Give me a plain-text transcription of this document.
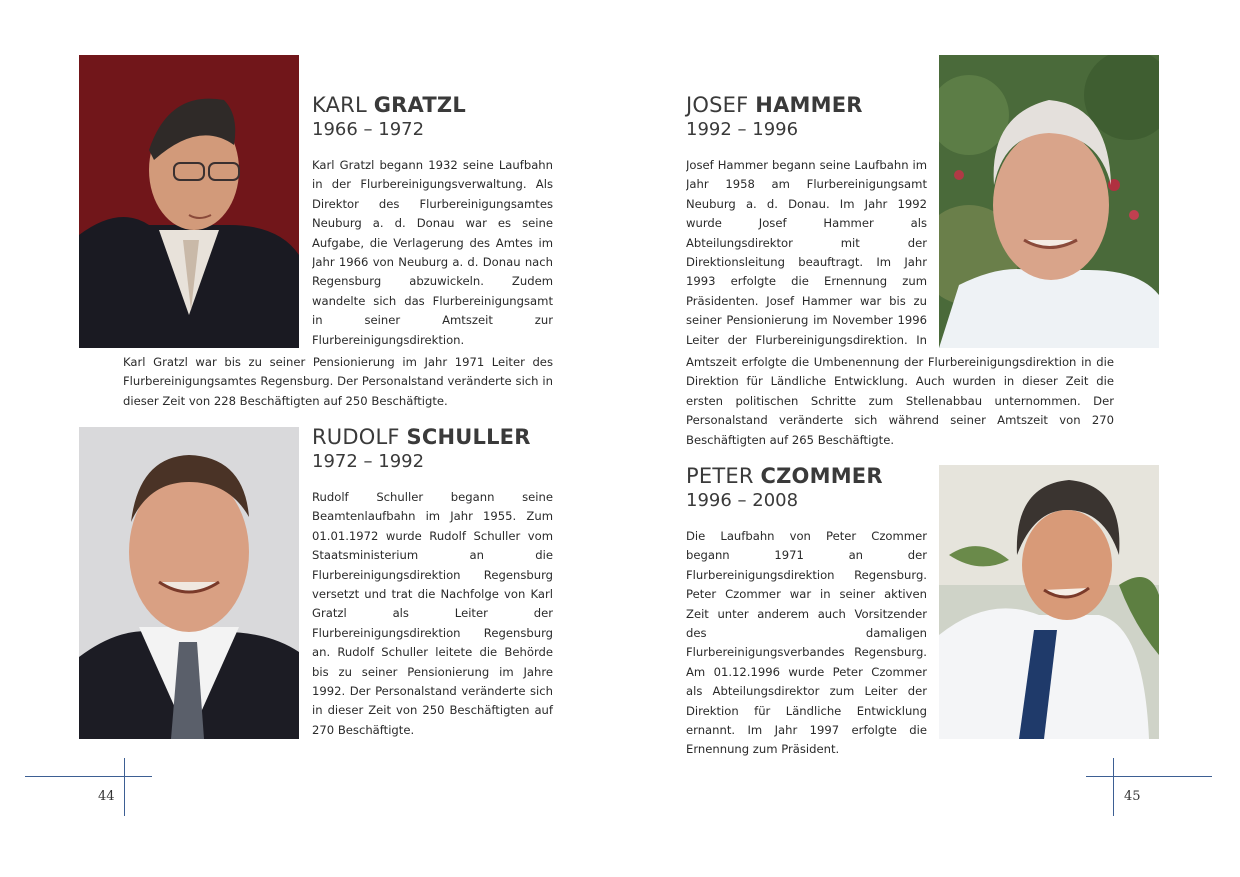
KARL GRATZL
1966 – 1972

Karl Gratzl begann 1932 seine Laufbahn in der Flurbereinigungsverwaltung. Als Direktor des Flurbereinigungsamtes Neuburg a. d. Donau war es seine Aufgabe, die Verlagerung des Amtes im Jahr 1966 von Neuburg a. d. Donau nach Regensburg abzuwickeln. Zudem wandelte sich das Flurbereinigungsamt in seiner Amtszeit zur Flurbereinigungsdirektion.

Karl Gratzl war bis zu seiner Pensionierung im Jahr 1971 Leiter des Flurbereinigungsamtes Regensburg. Der Personalstand veränderte sich in dieser Zeit von 228 Beschäftigten auf 250 Beschäftigte.

RUDOLF SCHULLER
1972 – 1992

Rudolf Schuller begann seine Beamtenlaufbahn im Jahr 1955. Zum 01.01.1972 wurde Rudolf Schuller vom Staatsministerium an die Flurbereinigungsdirektion Regensburg versetzt und trat die Nachfolge von Karl Gratzl als Leiter der Flurbereinigungsdirektion Regensburg an. Rudolf Schuller leitete die Behörde bis zu seiner Pensionierung im Jahre 1992. Der Personalstand veränderte sich in dieser Zeit von 250 Beschäftigten auf 270 Beschäftigte.

JOSEF HAMMER
1992 – 1996

Josef Hammer begann seine Laufbahn im Jahr 1958 am Flurbereinigungsamt Neuburg a. d. Donau. Im Jahr 1992 wurde Josef Hammer als Abteilungsdirektor mit der Direktionsleitung beauftragt. Im Jahr 1993 erfolgte die Ernennung zum Präsidenten. Josef Hammer war bis zu seiner Pensionierung im November 1996 Leiter der Flurbereinigungsdirektion. In

Amtszeit erfolgte die Umbenennung der Flurbereinigungsdirektion in die Direktion für Ländliche Entwicklung. Auch wurden in dieser Zeit die ersten politischen Schritte zum Stellenabbau unternommen. Der Personalstand veränderte sich während seiner Amtszeit von 270 Beschäftigten auf 265 Beschäftigte.

PETER CZOMMER
1996 – 2008

Die Laufbahn von Peter Czommer begann 1971 an der Flurbereinigungsdirektion Regensburg. Peter Czommer war in seiner aktiven Zeit unter anderem auch Vorsitzender des damaligen Flurbereinigungsverbandes Regensburg. Am 01.12.1996 wurde Peter Czommer als Abteilungsdirektor zum Leiter der Direktion für Ländliche Entwicklung ernannt. Im Jahr 1997 erfolgte die Ernennung zum Präsident.

44	45
